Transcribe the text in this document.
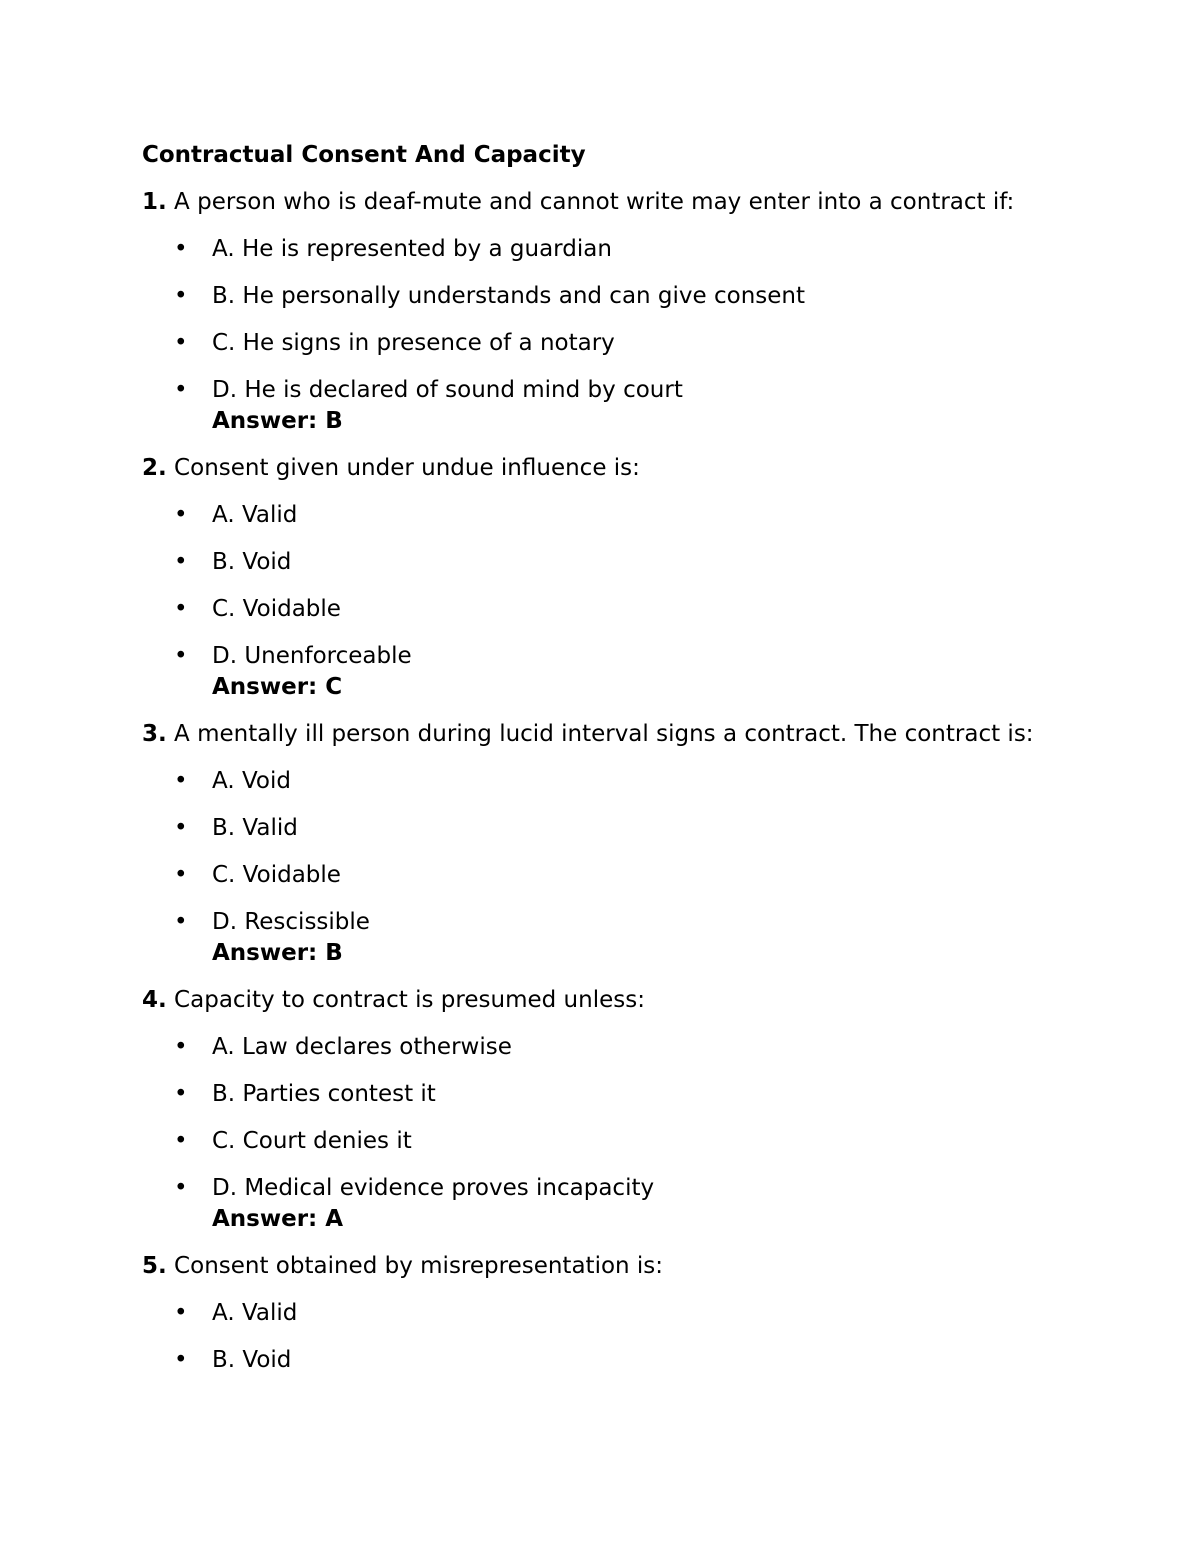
Contractual Consent And Capacity
1. A person who is deaf-mute and cannot write may enter into a contract if:
• A. He is represented by a guardian
• B. He personally understands and can give consent
• C. He signs in presence of a notary
• D. He is declared of sound mind by court
Answer: B
2. Consent given under undue influence is:
• A. Valid
• B. Void
• C. Voidable
• D. Unenforceable
Answer: C
3. A mentally ill person during lucid interval signs a contract. The contract is:
• A. Void
• B. Valid
• C. Voidable
• D. Rescissible
Answer: B
4. Capacity to contract is presumed unless:
• A. Law declares otherwise
• B. Parties contest it
• C. Court denies it
• D. Medical evidence proves incapacity
Answer: A
5. Consent obtained by misrepresentation is:
• A. Valid
• B. Void
